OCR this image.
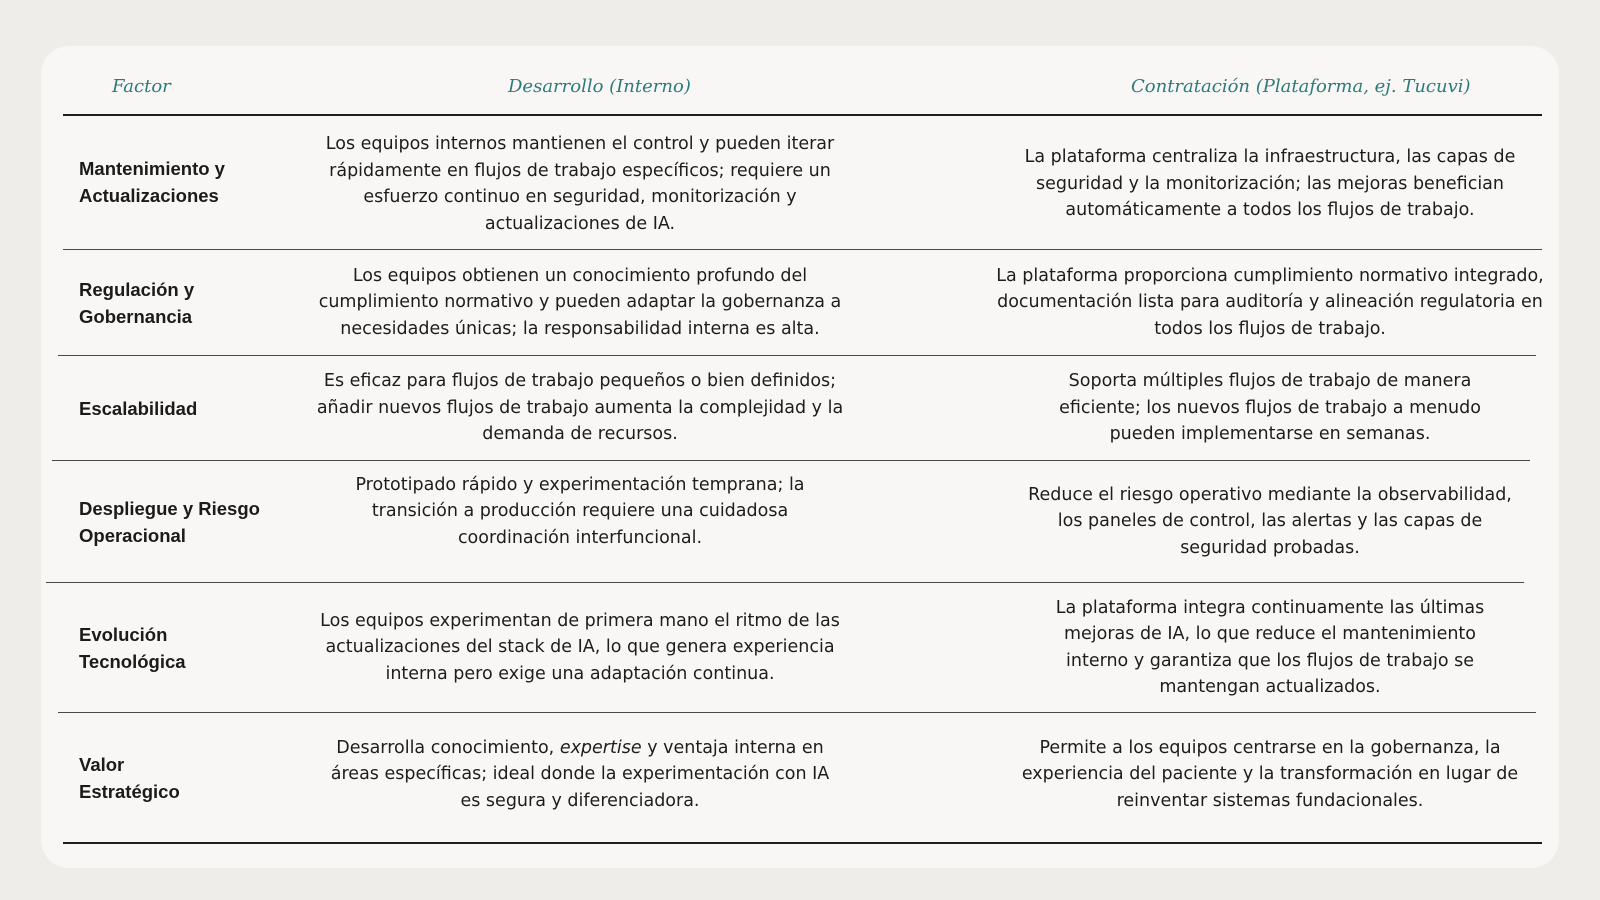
Factor	Desarrollo (Interno)	Contratación (Plataforma, ej. Tucuvi)
Mantenimiento y Actualizaciones
Los equipos internos mantienen el control y pueden iterar rápidamente en flujos de trabajo específicos; requiere un esfuerzo continuo en seguridad, monitorización y actualizaciones de IA.
La plataforma centraliza la infraestructura, las capas de seguridad y la monitorización; las mejoras benefician automáticamente a todos los flujos de trabajo.
Regulación y Gobernancia
Los equipos obtienen un conocimiento profundo del cumplimiento normativo y pueden adaptar la gobernanza a necesidades únicas; la responsabilidad interna es alta.
La plataforma proporciona cumplimiento normativo integrado, documentación lista para auditoría y alineación regulatoria en todos los flujos de trabajo.
Escalabilidad
Es eficaz para flujos de trabajo pequeños o bien definidos; añadir nuevos flujos de trabajo aumenta la complejidad y la demanda de recursos.
Soporta múltiples flujos de trabajo de manera eficiente; los nuevos flujos de trabajo a menudo pueden implementarse en semanas.
Despliegue y Riesgo Operacional
Prototipado rápido y experimentación temprana; la transición a producción requiere una cuidadosa coordinación interfuncional.
Reduce el riesgo operativo mediante la observabilidad, los paneles de control, las alertas y las capas de seguridad probadas.
Evolución Tecnológica
Los equipos experimentan de primera mano el ritmo de las actualizaciones del stack de IA, lo que genera experiencia interna pero exige una adaptación continua.
La plataforma integra continuamente las últimas mejoras de IA, lo que reduce el mantenimiento interno y garantiza que los flujos de trabajo se mantengan actualizados.
Valor Estratégico
Desarrolla conocimiento, expertise y ventaja interna en áreas específicas; ideal donde la experimentación con IA es segura y diferenciadora.
Permite a los equipos centrarse en la gobernanza, la experiencia del paciente y la transformación en lugar de reinventar sistemas fundacionales.
